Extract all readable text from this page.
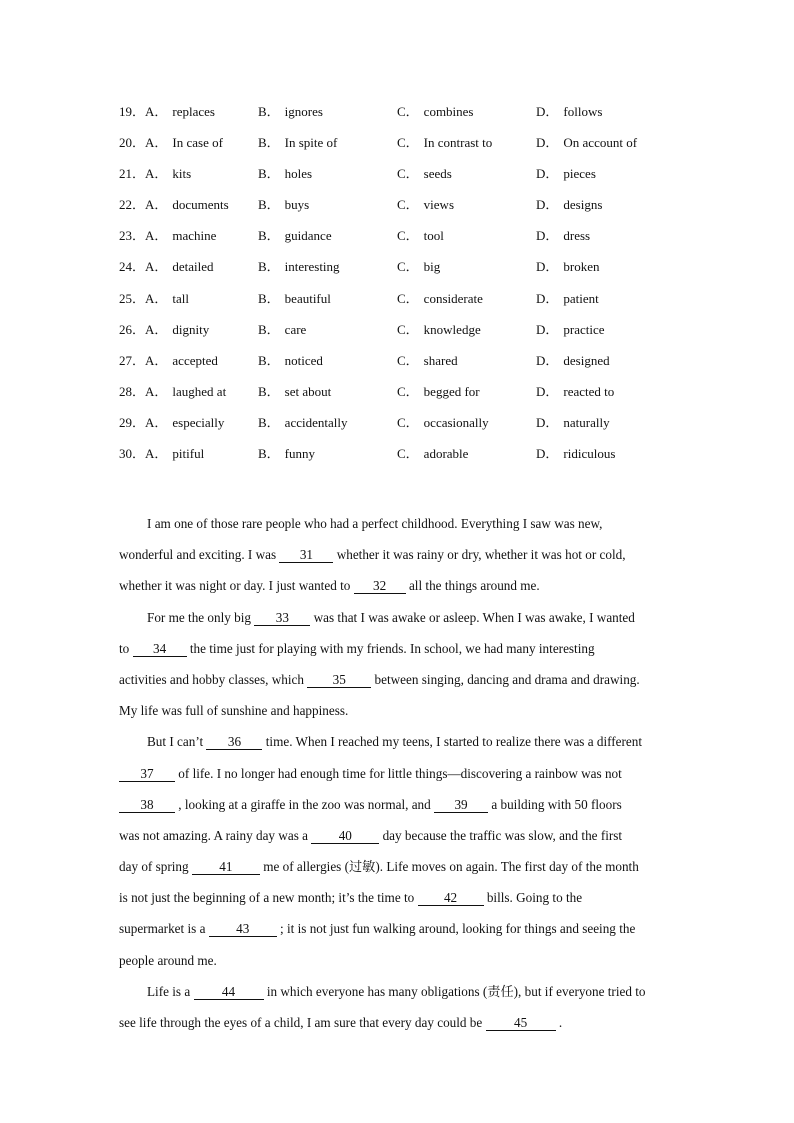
19．A． replaces	B． ignores	C． combines	D． follows
20．A． In case of	B． In spite of	C． In contrast to	D． On account of
21．A． kits	B． holes	C． seeds	D． pieces
22．A． documents B． buys	C． views	D． designs
23．A． machine	B． guidance	C． tool	D． dress
24．A． detailed	B． interesting	C． big	D． broken
25．A． tall	B． beautiful	C． considerate	D． patient
26．A． dignity	B． care	C． knowledge	D． practice
27．A． accepted	B． noticed	C． shared	D． designed
28．A． laughed at B． set about	C． begged for	D． reacted to
29．A． especially	B． accidentally	C． occasionally	D． naturally
30．A． pitiful	B． funny	C． adorable	D． ridiculous
I am one of those rare people who had a perfect childhood. Everything I saw was new,
wonderful and exciting. I was 31 whether it was rainy or dry, whether it was hot or cold,
whether it was night or day. I just wanted to 32 all the things around me.
For me the only big 33 was that I was awake or asleep. When I was awake, I wanted
to 34 the time just for playing with my friends. In school, we had many interesting
activities and hobby classes, which 35 between singing, dancing and drama and drawing.
My life was full of sunshine and happiness.
But I can’t 36 time. When I reached my teens, I started to realize there was a different
37 of life. I no longer had enough time for little things—discovering a rainbow was not
38 , looking at a giraffe in the zoo was normal, and 39 a building with 50 floors
was not amazing. A rainy day was a 40 day because the traffic was slow, and the first
day of spring 41 me of allergies (过敏). Life moves on again. The first day of the month
is not just the beginning of a new month; it’s the time to 42 bills. Going to the
supermarket is a 43 ; it is not just fun walking around, looking for things and seeing the
people around me.
Life is a 44 in which everyone has many obligations (责任), but if everyone tried to
see life through the eyes of a child, I am sure that every day could be 45 .
